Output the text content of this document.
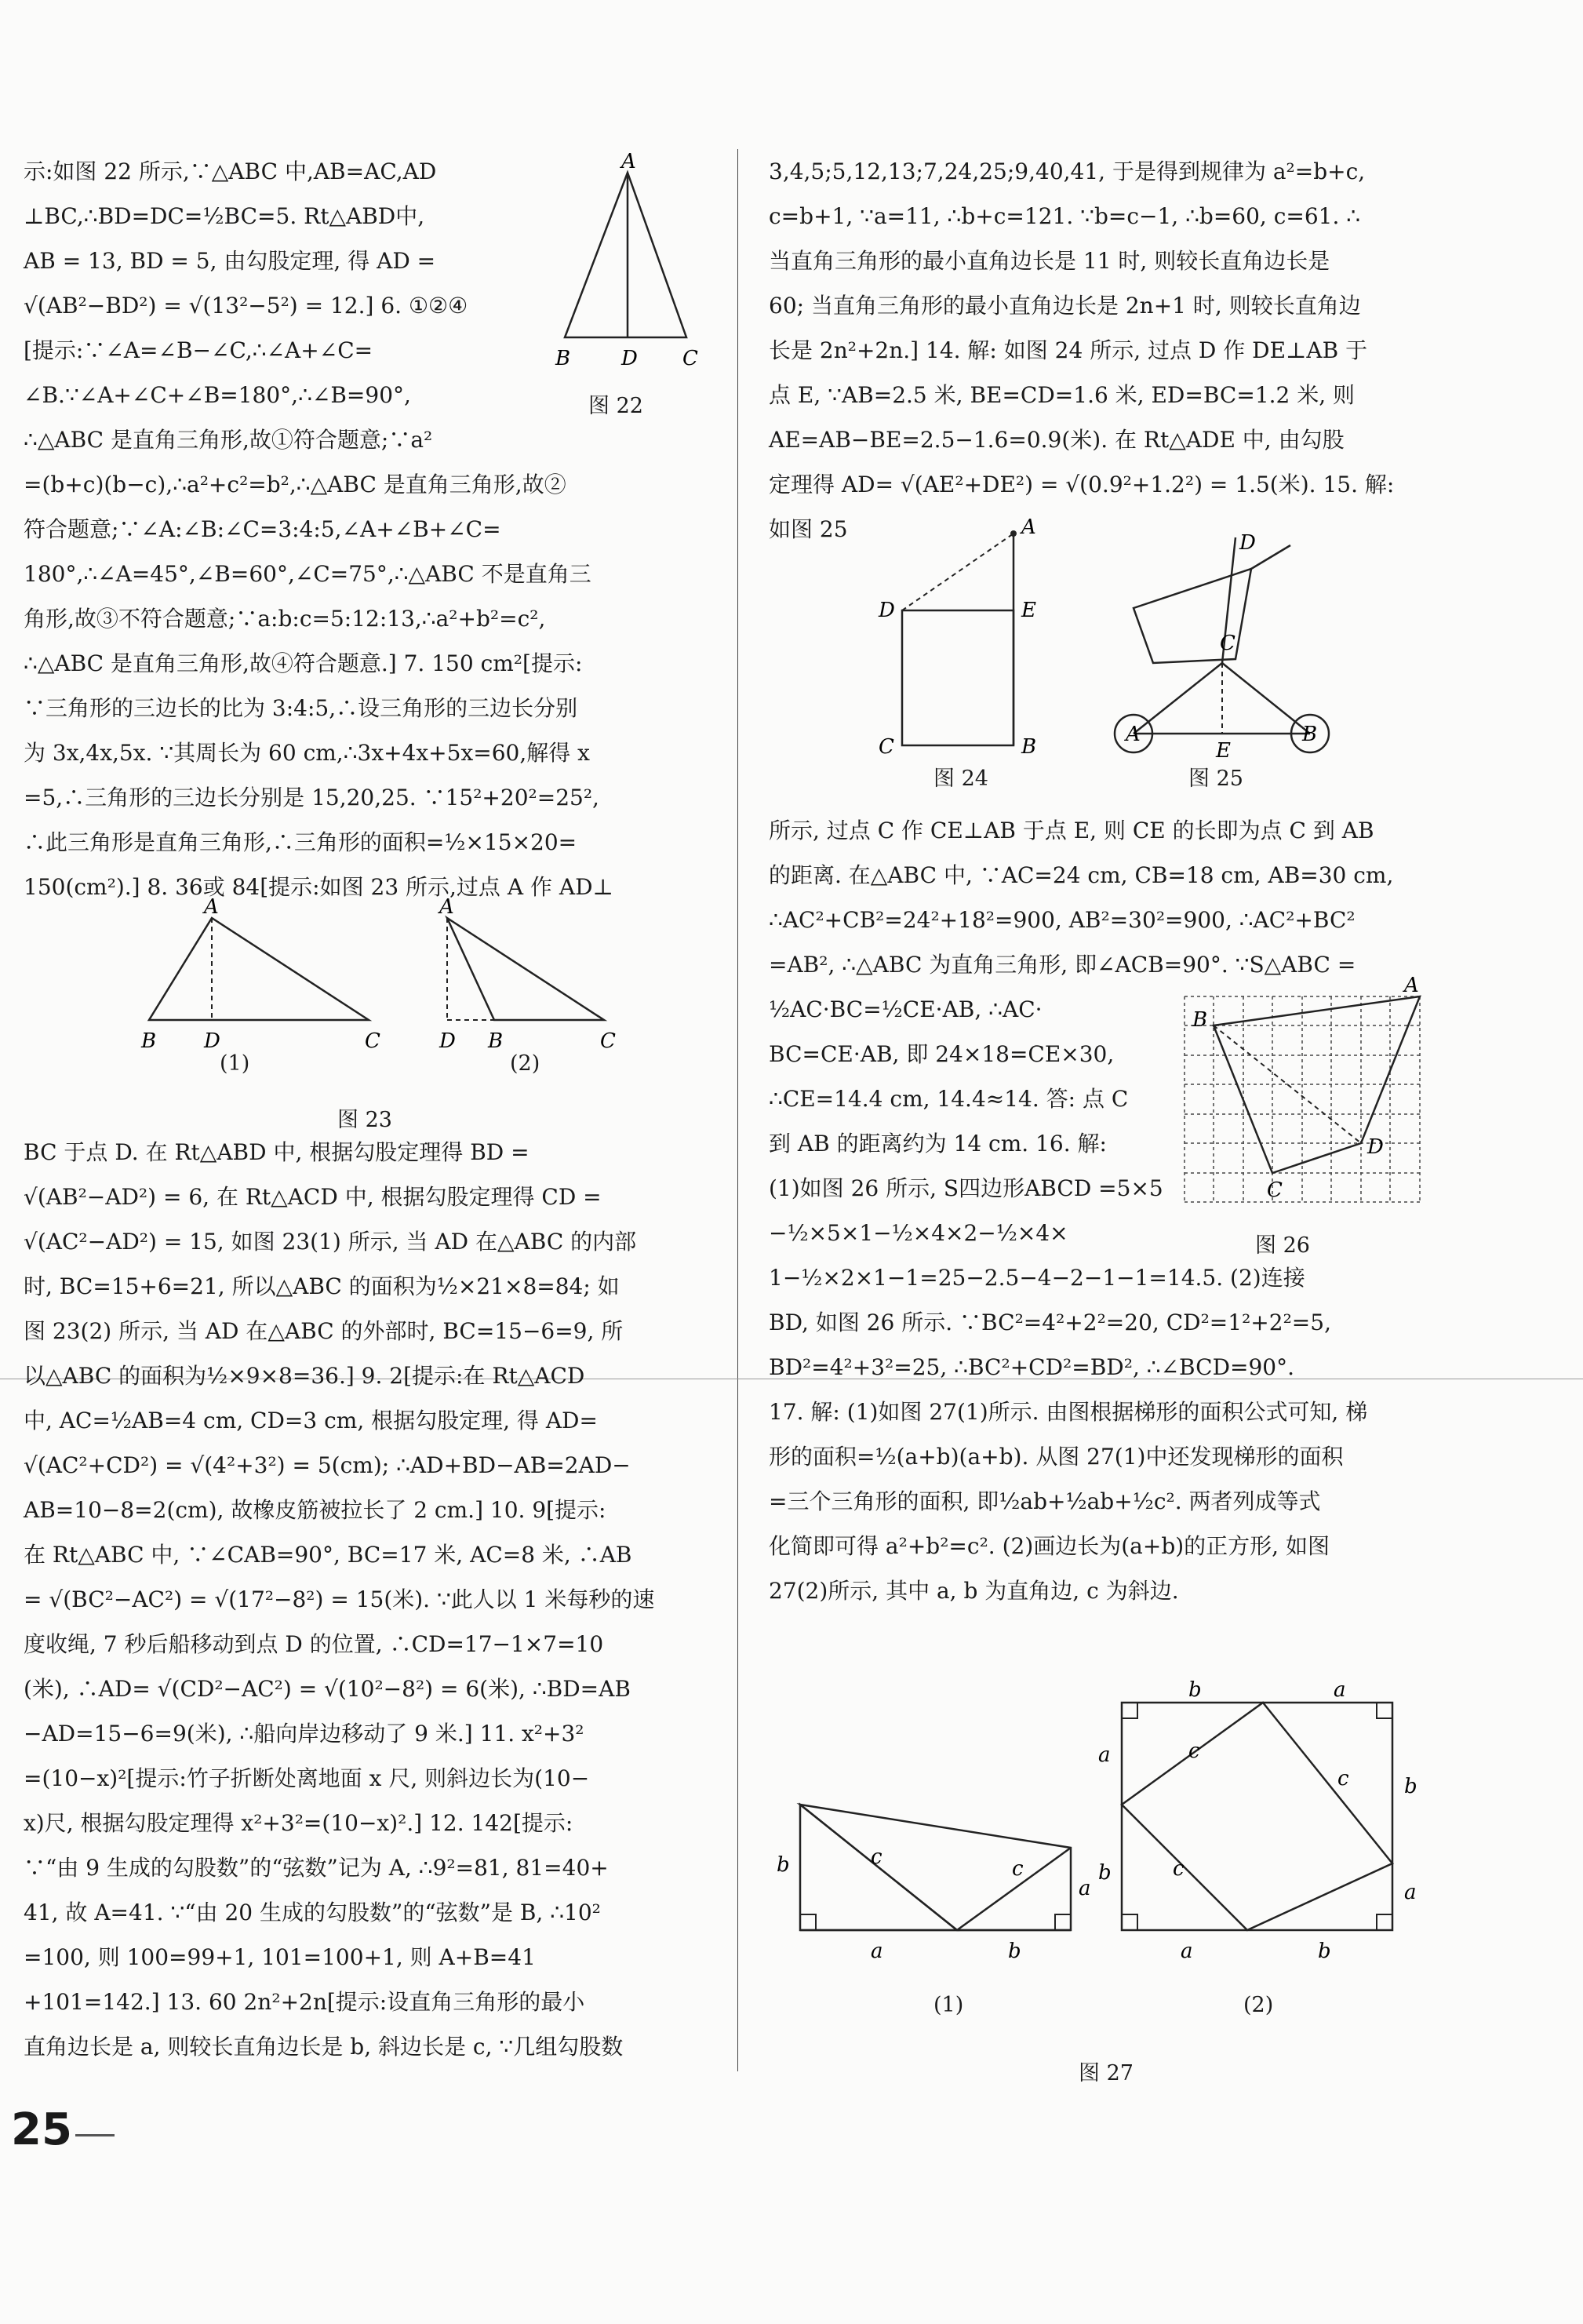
示:如图 22 所示,∵△ABC 中,AB=AC,AD

⊥BC,∴BD=DC=½BC=5. Rt△ABD中,

AB = 13, BD = 5, 由勾股定理, 得 AD =

√(AB²−BD²) = √(13²−5²) = 12.] 6. ①②④

[提示:∵∠A=∠B−∠C,∴∠A+∠C=

∠B.∵∠A+∠C+∠B=180°,∴∠B=90°,

∴△ABC 是直角三角形,故①符合题意;∵a²

=(b+c)(b−c),∴a²+c²=b²,∴△ABC 是直角三角形,故②

符合题意;∵∠A:∠B:∠C=3:4:5,∠A+∠B+∠C=

180°,∴∠A=45°,∠B=60°,∠C=75°,∴△ABC 不是直角三

角形,故③不符合题意;∵a:b:c=5:12:13,∴a²+b²=c²,

∴△ABC 是直角三角形,故④符合题意.] 7. 150 cm²[提示:

∵三角形的三边长的比为 3:4:5,∴设三角形的三边长分别

为 3x,4x,5x. ∵其周长为 60 cm,∴3x+4x+5x=60,解得 x

=5,∴三角形的三边长分别是 15,20,25. ∵15²+20²=25²,

∴此三角形是直角三角形,∴三角形的面积=½×15×20=

150(cm²).] 8. 36或 84[提示:如图 23 所示,过点 A 作 AD⊥

A
B D C
图 22
A
B D	C
A
D B	C
(1)	(2)
图 23

BC 于点 D. 在 Rt△ABD 中, 根据勾股定理得 BD =

√(AB²−AD²) = 6, 在 Rt△ACD 中, 根据勾股定理得 CD =

√(AC²−AD²) = 15, 如图 23(1) 所示, 当 AD 在△ABC 的内部

时, BC=15+6=21, 所以△ABC 的面积为½×21×8=84; 如

图 23(2) 所示, 当 AD 在△ABC 的外部时, BC=15−6=9, 所

以△ABC 的面积为½×9×8=36.] 9. 2[提示:在 Rt△ACD

中, AC=½AB=4 cm, CD=3 cm, 根据勾股定理, 得 AD=

√(AC²+CD²) = √(4²+3²) = 5(cm); ∴AD+BD−AB=2AD−

AB=10−8=2(cm), 故橡皮筋被拉长了 2 cm.] 10. 9[提示:

在 Rt△ABC 中, ∵∠CAB=90°, BC=17 米, AC=8 米, ∴AB

= √(BC²−AC²) = √(17²−8²) = 15(米). ∵此人以 1 米每秒的速

度收绳, 7 秒后船移动到点 D 的位置, ∴CD=17−1×7=10

(米), ∴AD= √(CD²−AC²) = √(10²−8²) = 6(米), ∴BD=AB

−AD=15−6=9(米), ∴船向岸边移动了 9 米.] 11. x²+3²

=(10−x)²[提示:竹子折断处离地面 x 尺, 则斜边长为(10−

x)尺, 根据勾股定理得 x²+3²=(10−x)².] 12. 142[提示:

∵“由 9 生成的勾股数”的“弦数”记为 A, ∴9²=81, 81=40+

41, 故 A=41. ∵“由 20 生成的勾股数”的“弦数”是 B, ∴10²

=100, 则 100=99+1, 101=100+1, 则 A+B=41

+101=142.] 13. 60 2n²+2n[提示:设直角三角形的最小

直角边长是 a, 则较长直角边长是 b, 斜边长是 c, ∵几组勾股数

3,4,5;5,12,13;7,24,25;9,40,41, 于是得到规律为 a²=b+c,

c=b+1, ∵a=11, ∴b+c=121. ∵b=c−1, ∴b=60, c=61. ∴

当直角三角形的最小直角边长是 11 时, 则较长直角边长是

60; 当直角三角形的最小直角边长是 2n+1 时, 则较长直角边

长是 2n²+2n.] 14. 解: 如图 24 所示, 过点 D 作 DE⊥AB 于

点 E, ∵AB=2.5 米, BE=CD=1.6 米, ED=BC=1.2 米, 则

AE=AB−BE=2.5−1.6=0.9(米). 在 Rt△ADE 中, 由勾股

定理得 AD= √(AE²+DE²) = √(0.9²+1.2²) = 1.5(米). 15. 解:

如图 25	A
D	E
C	B
图 24
D
C
A
E
B
图 25

所示, 过点 C 作 CE⊥AB 于点 E, 则 CE 的长即为点 C 到 AB

的距离. 在△ABC 中, ∵AC=24 cm, CB=18 cm, AB=30 cm,

∴AC²+CB²=24²+18²=900, AB²=30²=900, ∴AC²+BC²

=AB², ∴△ABC 为直角三角形, 即∠ACB=90°. ∵S△ABC =

½AC·BC=½CE·AB, ∴AC·

BC=CE·AB, 即 24×18=CE×30,

∴CE=14.4 cm, 14.4≈14. 答: 点 C

到 AB 的距离约为 14 cm. 16. 解:

(1)如图 26 所示, S四边形ABCD =5×5

−½×5×1−½×4×2−½×4×

1−½×2×1−1=25−2.5−4−2−1−1=14.5. (2)连接

BD, 如图 26 所示. ∵BC²=4²+2²=20, CD²=1²+2²=5,

BD²=4²+3²=25, ∴BC²+CD²=BD², ∴∠BCD=90°.

17. 解: (1)如图 27(1)所示. 由图根据梯形的面积公式可知, 梯

形的面积=½(a+b)(a+b). 从图 27(1)中还发现梯形的面积

=三个三角形的面积, 即½ab+½ab+½c². 两者列成等式

化简即可得 a²+b²=c². (2)画边长为(a+b)的正方形, 如图

27(2)所示, 其中 a, b 为直角边, c 为斜边.

A
B
D
C
图 26
b	c	c
a
a	b
b	a
a	c
b
c
b	c
a
a	b
(1)	(2)
图 27
25
